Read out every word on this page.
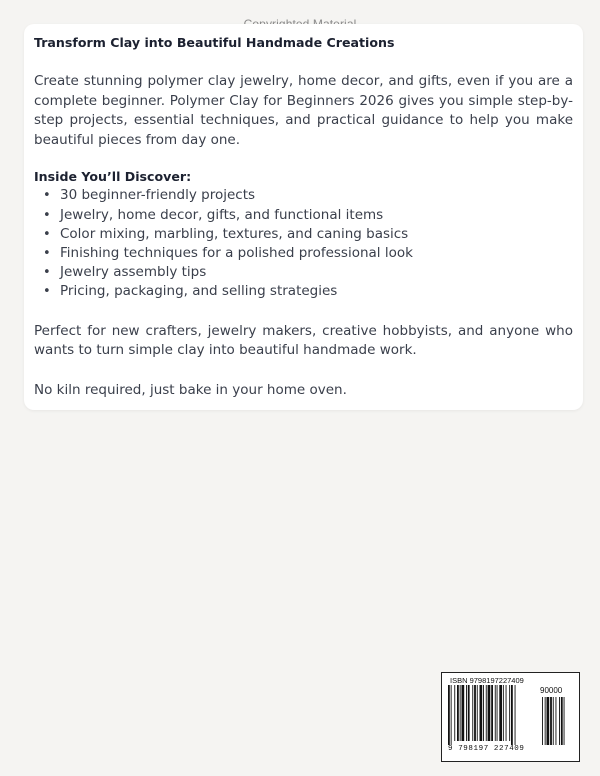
Transform Clay into Beautiful Handmade Creations

Create stunning polymer clay jewelry, home decor, and gifts, even if you are a complete beginner. Polymer Clay for Beginners 2026 gives you simple step-by-step projects, essential techniques, and practical guidance to help you make beautiful pieces from day one.

Inside You’ll Discover:
• 30 beginner-friendly projects
• Jewelry, home decor, gifts, and functional items
• Color mixing, marbling, textures, and caning basics
• Finishing techniques for a polished professional look
• Jewelry assembly tips
• Pricing, packaging, and selling strategies

Perfect for new crafters, jewelry makers, creative hobbyists, and anyone who wants to turn simple clay into beautiful handmade work.

No kiln required, just bake in your home oven.

ISBN 9798197227409
90000
9 798197 227409
